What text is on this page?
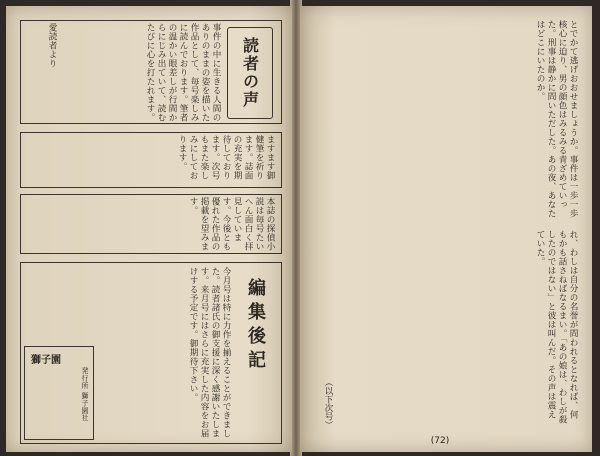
読者の声
事件の中に生きる人間のありのままの姿を描いた作品として、毎号楽しみに読んでおります。筆者の温かい眼差しが行間からにじみ出ていて、読むたびに心を打たれます。
愛読者より
ますます御健筆を祈ります。誌面の充実を期待しております。次号もまた楽しみにしております。
本誌の探偵小説は毎号たいへん面白く拝見しています。今後とも優れた作品の掲載を望みます。
編集後記
今月号は特に力作を揃えることができました。読者諸氏の御支援に深く感謝いたします。来月号にはさらに充実した内容をお届けする予定です。御期待下さい。
獅子園
発行所 獅子園社
とでかて逃げおおせましょうか。事件は一歩一歩核心に迫り、男の顔色はみるみる青ざめていった。刑事は静かに問いただした。あの夜、あなたはどこにいたのか。
れ、わしは自分の名誉が問われるとなれば、何もかも話さねばなるまい。「あの娘は、わしが殺したのではない」と彼は叫んだ。その声は震えていた。
（以下次号）
(72)
